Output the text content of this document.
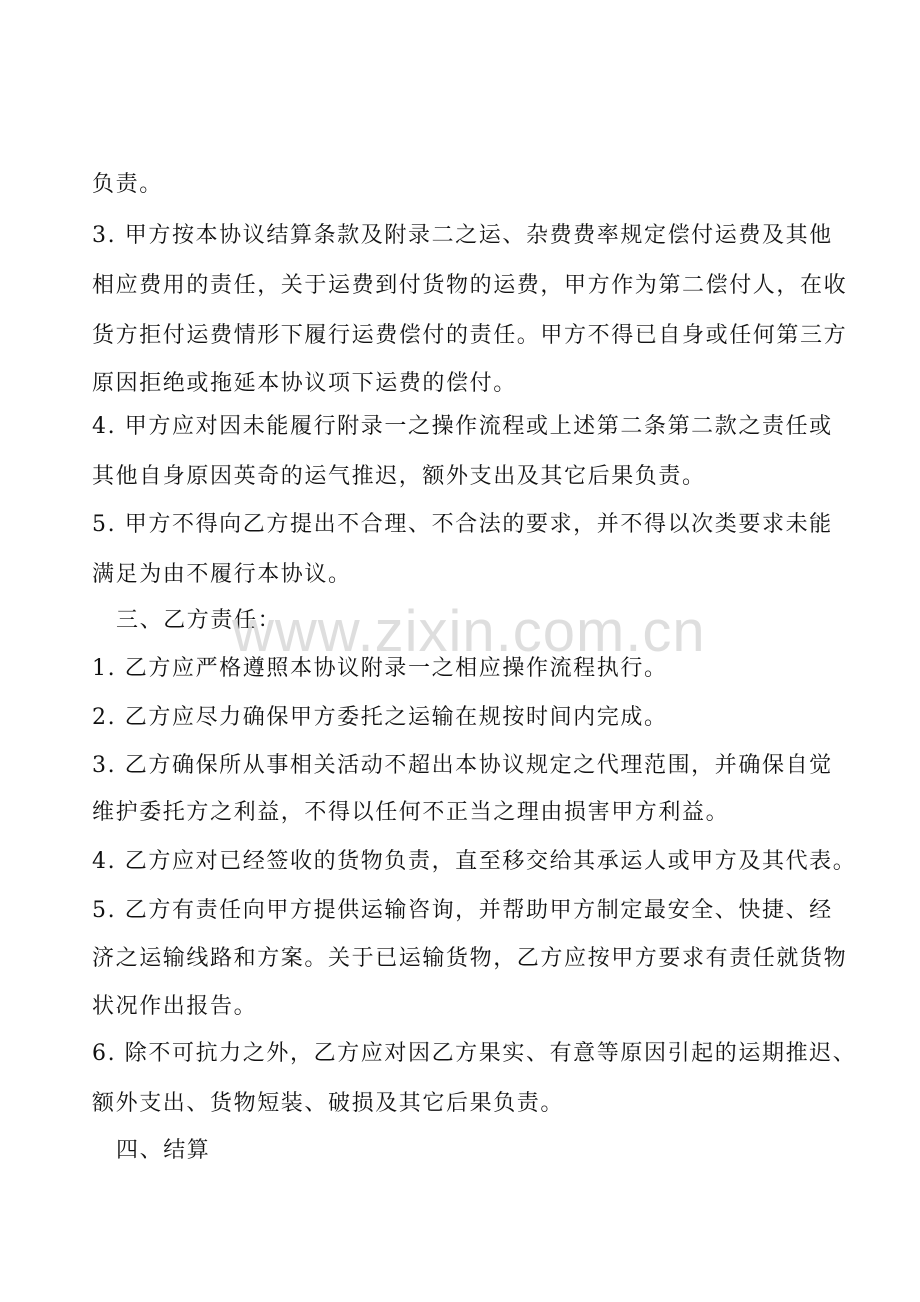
负责。
3. 甲方按本协议结算条款及附录二之运、杂费费率规定偿付运费及其他
相应费用的责任，关于运费到付货物的运费，甲方作为第二偿付人，在收
货方拒付运费情形下履行运费偿付的责任。甲方不得已自身或任何第三方
原因拒绝或拖延本协议项下运费的偿付。
4. 甲方应对因未能履行附录一之操作流程或上述第二条第二款之责任或
其他自身原因英奇的运气推迟，额外支出及其它后果负责。
5. 甲方不得向乙方提出不合理、不合法的要求，并不得以次类要求未能
满足为由不履行本协议。
三、乙方责任：
1. 乙方应严格遵照本协议附录一之相应操作流程执行。
2. 乙方应尽力确保甲方委托之运输在规按时间内完成。
3. 乙方确保所从事相关活动不超出本协议规定之代理范围，并确保自觉
维护委托方之利益，不得以任何不正当之理由损害甲方利益。
4. 乙方应对已经签收的货物负责，直至移交给其承运人或甲方及其代表。
5. 乙方有责任向甲方提供运输咨询，并帮助甲方制定最安全、快捷、经
济之运输线路和方案。关于已运输货物，乙方应按甲方要求有责任就货物
状况作出报告。
6. 除不可抗力之外，乙方应对因乙方果实、有意等原因引起的运期推迟、
额外支出、货物短装、破损及其它后果负责。
四、结算
www.zixin.com.cn
